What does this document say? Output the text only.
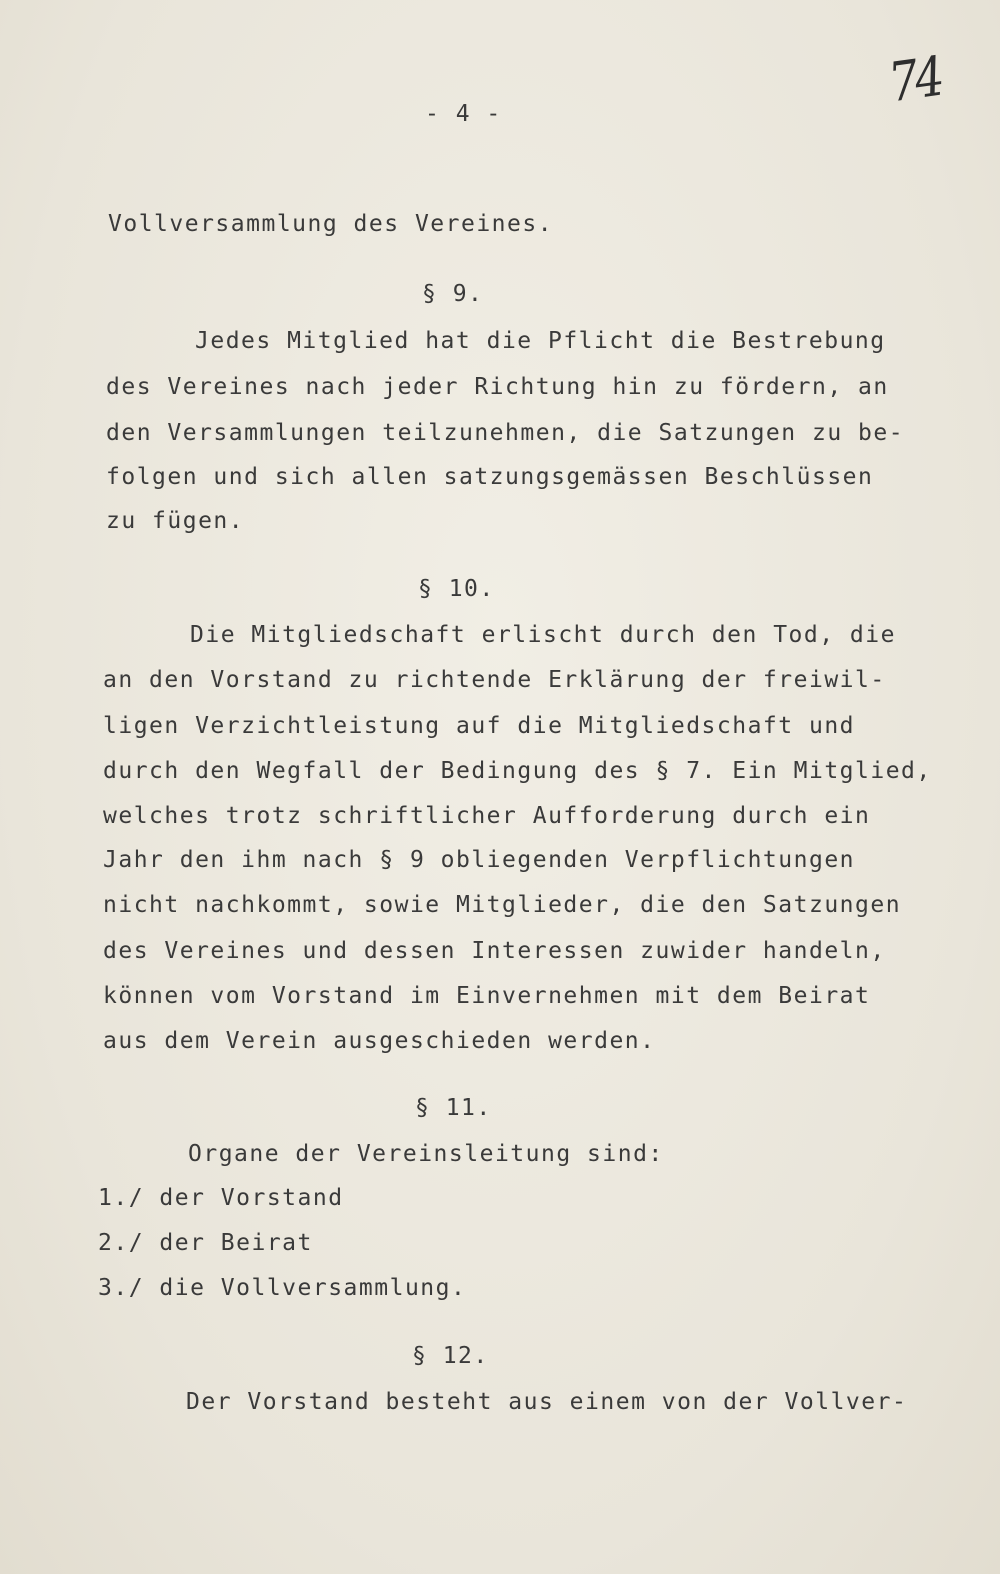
74
- 4 -
Vollversammlung des Vereines.
§ 9.
Jedes Mitglied hat die Pflicht die Bestrebung
des Vereines nach jeder Richtung hin zu fördern, an
den Versammlungen teilzunehmen, die Satzungen zu be-
folgen und sich allen satzungsgemässen Beschlüssen
zu fügen.
§ 10.
Die Mitgliedschaft erlischt durch den Tod, die
an den Vorstand zu richtende Erklärung der freiwil-
ligen Verzichtleistung auf die Mitgliedschaft und
durch den Wegfall der Bedingung des § 7. Ein Mitglied,
welches trotz schriftlicher Aufforderung durch ein
Jahr den ihm nach § 9 obliegenden Verpflichtungen
nicht nachkommt, sowie Mitglieder, die den Satzungen
des Vereines und dessen Interessen zuwider handeln,
können vom Vorstand im Einvernehmen mit dem Beirat
aus dem Verein ausgeschieden werden.
§ 11.
Organe der Vereinsleitung sind:
1./ der Vorstand
2./ der Beirat
3./ die Vollversammlung.
§ 12.
Der Vorstand besteht aus einem von der Vollver-
